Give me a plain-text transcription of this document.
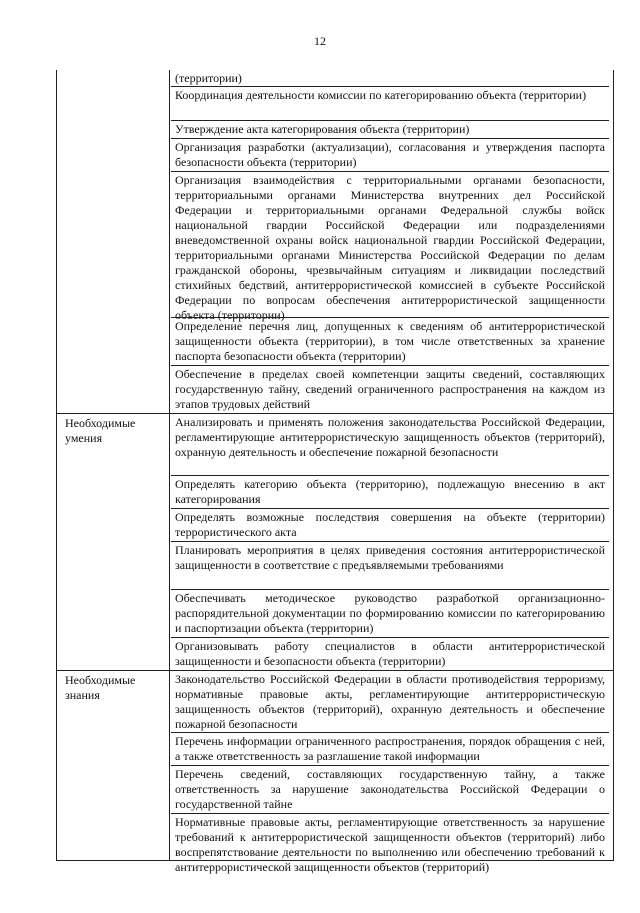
12
(территории)
Координация деятельности комиссии по категорированию объекта (территории)
Утверждение акта категорирования объекта (территории)
Организация разработки (актуализации), согласования и утверждения паспорта безопасности объекта (территории)
Организация взаимодействия с территориальными органами безопасности, территориальными органами Министерства внутренних дел Российской Федерации и территориальными органами Федеральной службы войск национальной гвардии Российской Федерации или подразделениями вневедомственной охраны войск национальной гвардии Российской Федерации, территориальными органами Министерства Российской Федерации по делам гражданской обороны, чрезвычайным ситуациям и ликвидации последствий стихийных бедствий, антитеррористической комиссией в субъекте Российской Федерации по вопросам обеспечения антитеррористической защищенности объекта (территории)
Определение перечня лиц, допущенных к сведениям об антитеррористической защищенности объекта (территории), в том числе ответственных за хранение паспорта безопасности объекта (территории)
Обеспечение в пределах своей компетенции защиты сведений, составляющих государственную тайну, сведений ограниченного распространения на каждом из этапов трудовых действий
Необходимые умения
Анализировать и применять положения законодательства Российской Федерации, регламентирующие антитеррористическую защищенность объектов (территорий), охранную деятельность и обеспечение пожарной безопасности
Определять категорию объекта (территорию), подлежащую внесению в акт категорирования
Определять возможные последствия совершения на объекте (территории) террористического акта
Планировать мероприятия в целях приведения состояния антитеррористической защищенности в соответствие с предъявляемыми требованиями
Обеспечивать методическое руководство разработкой организационно-распорядительной документации по формированию комиссии по категорированию и паспортизации объекта (территории)
Организовывать работу специалистов в области антитеррористической защищенности и безопасности объекта (территории)
Необходимые знания
Законодательство Российской Федерации в области противодействия терроризму, нормативные правовые акты, регламентирующие антитеррористическую защищенность объектов (территорий), охранную деятельность и обеспечение пожарной безопасности
Перечень информации ограниченного распространения, порядок обращения с ней, а также ответственность за разглашение такой информации
Перечень сведений, составляющих государственную тайну, а также ответственность за нарушение законодательства Российской Федерации о государственной тайне
Нормативные правовые акты, регламентирующие ответственность за нарушение требований к антитеррористической защищенности объектов (территорий) либо воспрепятствование деятельности по выполнению или обеспечению требований к антитеррористической защищенности объектов (территорий)
